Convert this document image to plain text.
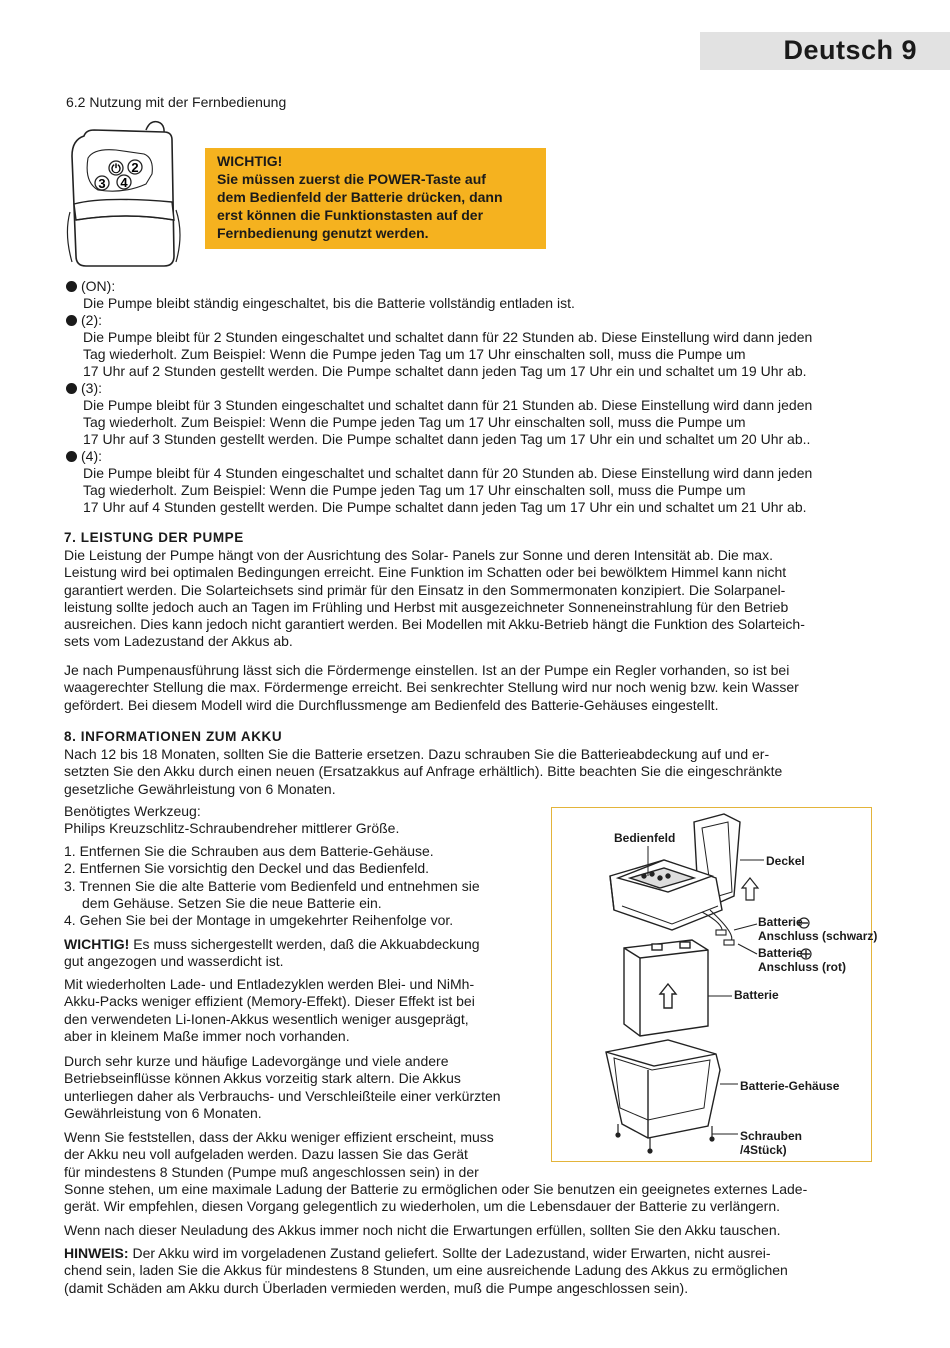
Deutsch 9
6.2 Nutzung mit der Fernbedienung
⏻ 2
3 4
WICHTIG!
Sie müssen zuerst die POWER-Taste auf
dem Bedienfeld der Batterie drücken, dann
erst können die Funktionstasten auf der
Fernbedienung genutzt werden.
(ON):
Die Pumpe bleibt ständig eingeschaltet, bis die Batterie vollständig entladen ist.
(2):
Die Pumpe bleibt für 2 Stunden eingeschaltet und schaltet dann für 22 Stunden ab. Diese Einstellung wird dann jeden
Tag wiederholt. Zum Beispiel: Wenn die Pumpe jeden Tag um 17 Uhr einschalten soll, muss die Pumpe um
17 Uhr auf 2 Stunden gestellt werden. Die Pumpe schaltet dann jeden Tag um 17 Uhr ein und schaltet um 19 Uhr ab.
(3):
Die Pumpe bleibt für 3 Stunden eingeschaltet und schaltet dann für 21 Stunden ab. Diese Einstellung wird dann jeden
Tag wiederholt. Zum Beispiel: Wenn die Pumpe jeden Tag um 17 Uhr einschalten soll, muss die Pumpe um
17 Uhr auf 3 Stunden gestellt werden. Die Pumpe schaltet dann jeden Tag um 17 Uhr ein und schaltet um 20 Uhr ab..
(4):
Die Pumpe bleibt für 4 Stunden eingeschaltet und schaltet dann für 20 Stunden ab. Diese Einstellung wird dann jeden
Tag wiederholt. Zum Beispiel: Wenn die Pumpe jeden Tag um 17 Uhr einschalten soll, muss die Pumpe um
17 Uhr auf 4 Stunden gestellt werden. Die Pumpe schaltet dann jeden Tag um 17 Uhr ein und schaltet um 21 Uhr ab.
7. LEISTUNG DER PUMPE
Die Leistung der Pumpe hängt von der Ausrichtung des Solar- Panels zur Sonne und deren Intensität ab. Die max.
Leistung wird bei optimalen Bedingungen erreicht. Eine Funktion im Schatten oder bei bewölktem Himmel kann nicht
garantiert werden. Die Solarteichsets sind primär für den Einsatz in den Sommermonaten konzipiert. Die Solarpanel-
leistung sollte jedoch auch an Tagen im Frühling und Herbst mit ausgezeichneter Sonneneinstrahlung für den Betrieb
ausreichen. Dies kann jedoch nicht garantiert werden. Bei Modellen mit Akku-Betrieb hängt die Funktion des Solarteich-
sets vom Ladezustand der Akkus ab.
Je nach Pumpenausführung lässt sich die Fördermenge einstellen. Ist an der Pumpe ein Regler vorhanden, so ist bei
waagerechter Stellung die max. Fördermenge erreicht. Bei senkrechter Stellung wird nur noch wenig bzw. kein Wasser
gefördert. Bei diesem Modell wird die Durchflussmenge am Bedienfeld des Batterie-Gehäuses eingestellt.
8. INFORMATIONEN ZUM AKKU
Nach 12 bis 18 Monaten, sollten Sie die Batterie ersetzen. Dazu schrauben Sie die Batterieabdeckung auf und er-
setzten Sie den Akku durch einen neuen (Ersatzakkus auf Anfrage erhältlich). Bitte beachten Sie die eingeschränkte
gesetzliche Gewährleistung von 6 Monaten.
Benötigtes Werkzeug:
Philips Kreuzschlitz-Schraubendreher mittlerer Größe.
1. Entfernen Sie die Schrauben aus dem Batterie-Gehäuse.
2. Entfernen Sie vorsichtig den Deckel und das Bedienfeld.
3. Trennen Sie die alte Batterie vom Bedienfeld und entnehmen sie
dem Gehäuse. Setzen Sie die neue Batterie ein.
4. Gehen Sie bei der Montage in umgekehrter Reihenfolge vor.
WICHTIG! Es muss sichergestellt werden, daß die Akkuabdeckung
gut angezogen und wasserdicht ist.
Mit wiederholten Lade- und Entladezyklen werden Blei- und NiMh-
Akku-Packs weniger effizient (Memory-Effekt). Dieser Effekt ist bei
den verwendeten Li-Ionen-Akkus wesentlich weniger ausgeprägt,
aber in kleinem Maße immer noch vorhanden.
Durch sehr kurze und häufige Ladevorgänge und viele andere
Betriebseinflüsse können Akkus vorzeitig stark altern. Die Akkus
unterliegen daher als Verbrauchs- und Verschleißteile einer verkürzten
Gewährleistung von 6 Monaten.
Wenn Sie feststellen, dass der Akku weniger effizient erscheint, muss
der Akku neu voll aufgeladen werden. Dazu lassen Sie das Gerät
für mindestens 8 Stunden (Pumpe muß angeschlossen sein) in der
Sonne stehen, um eine maximale Ladung der Batterie zu ermöglichen oder Sie benutzen ein geeignetes externes Lade-
gerät. Wir empfehlen, diesen Vorgang gelegentlich zu wiederholen, um die Lebensdauer der Batterie zu verlängern.
Wenn nach dieser Neuladung des Akkus immer noch nicht die Erwartungen erfüllen, sollten Sie den Akku tauschen.
HINWEIS: Der Akku wird im vorgeladenen Zustand geliefert. Sollte der Ladezustand, wider Erwarten, nicht ausrei-
chend sein, laden Sie die Akkus für mindestens 8 Stunden, um eine ausreichende Ladung des Akkus zu ermöglichen
(damit Schäden am Akku durch Überladen vermieden werden, muß die Pumpe angeschlossen sein).
Bedienfeld
Deckel
Batterie
Anschluss (schwarz)
Batterie
Anschluss (rot)
Batterie
Batterie-Gehäuse
Schrauben
/4Stück)
